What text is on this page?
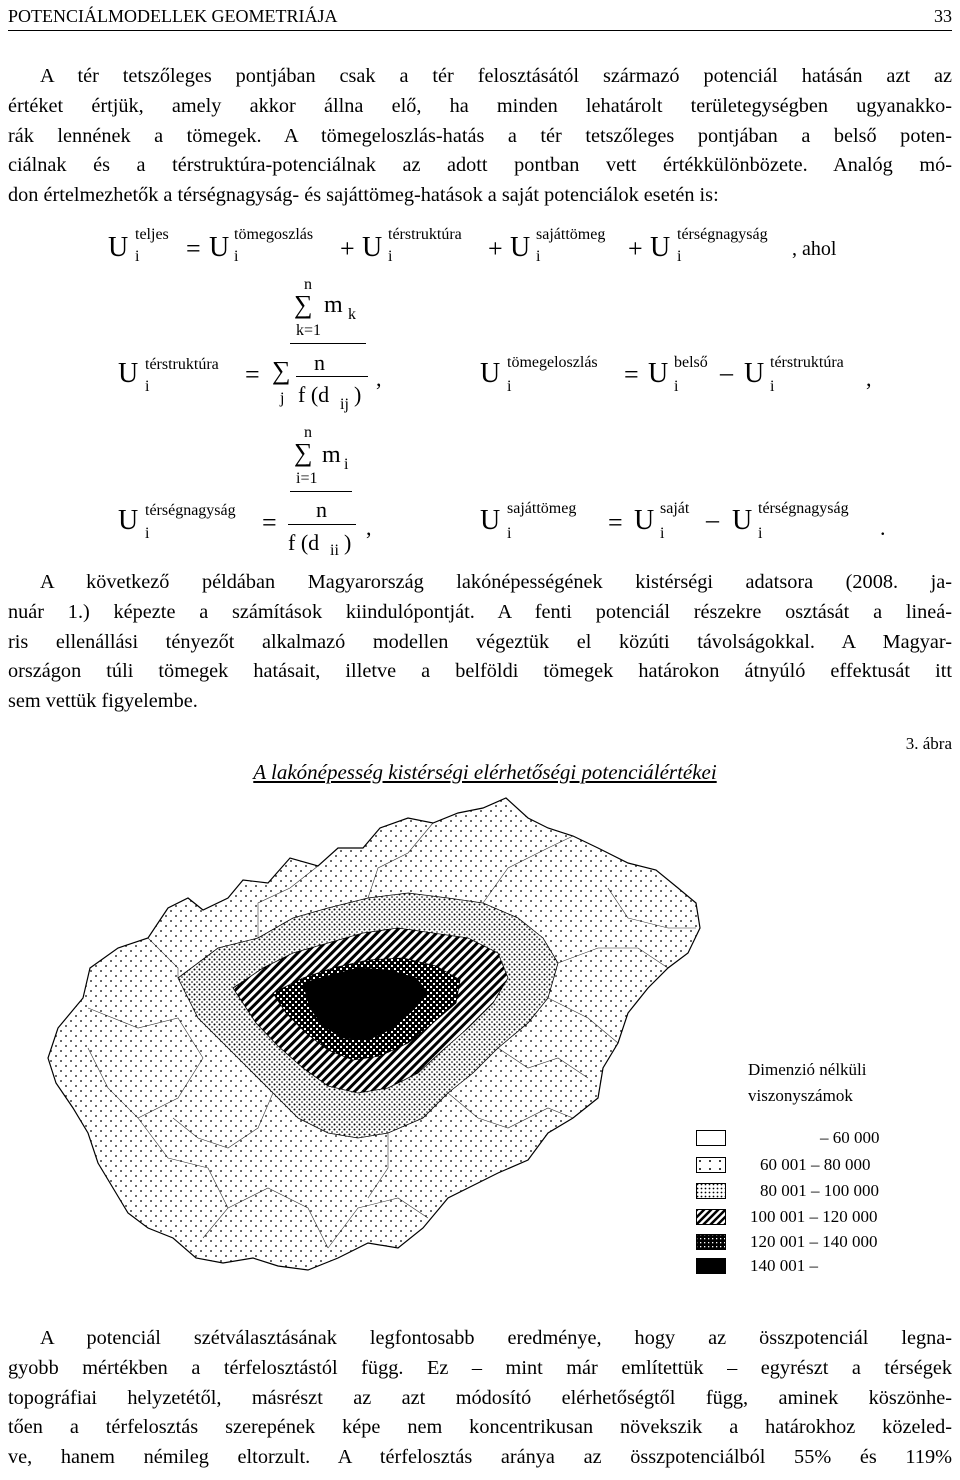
POTENCIÁLMODELLEK GEOMETRIÁJA	33
A tér tetszőleges pontjában csak a tér felosztásától származó potenciál hatásán azt az
értéket értjük, amely akkor állna elő, ha minden lehatárolt területegységben ugyanakko-
rák lennének a tömegek. A tömegeloszlás-hatás a tér tetszőleges pontjában a belső poten-
ciálnak és a térstruktúra-potenciálnak az adott pontban vett értékkülönbözete. Analóg mó-
don értelmezhetők a térségnagyság- és sajáttömeg-hatások a saját potenciálok esetén is:
U teljes
i = U tömegoszlás
i	+ U térstruktúra
i	+ U sajáttömeg
i	+ U térségnagyság
i	, ahol
U térstruktúra
i	= ∑
j
n
∑ m k
k=1
n
f (d ij )
,	U tömegeloszlás
i	= U belső
i – U térstruktúra
i	,
U térségnagyság
i	=
n
∑ m i
i=1
n
f (d ii )
,	U sajáttömeg
i	= U saját
i – U térségnagyság
i	.
A következő példában Magyarország lakónépességének kistérségi adatsora (2008. ja-
nuár 1.) képezte a számítások kiindulópontját. A fenti potenciál részekre osztását a lineá-
ris ellenállási tényezőt alkalmazó modellen végeztük el közúti távolságokkal. A Magyar-
országon túli tömegek hatásait, illetve a belföldi tömegek határokon átnyúló effektusát itt
sem vettük figyelembe.
3. ábra
A lakónépesség kistérségi elérhetőségi potenciálértékei
Dimenzió nélküli
viszonyszámok
– 60 000
60 001 – 80 000
80 001 – 100 000
100 001 – 120 000
120 001 – 140 000
140 001 –
A potenciál szétválasztásának legfontosabb eredménye, hogy az összpotenciál legna-
gyobb mértékben a térfelosztástól függ. Ez – mint már említettük – egyrészt a térségek
topográfiai helyzetétől, másrészt az azt módosító elérhetőségtől függ, aminek köszönhe-
tően a térfelosztás szerepének képe nem koncentrikusan növekszik a határokhoz közeled-
ve, hanem némileg eltorzult. A térfelosztás aránya az összpotenciálból 55% és 119%
